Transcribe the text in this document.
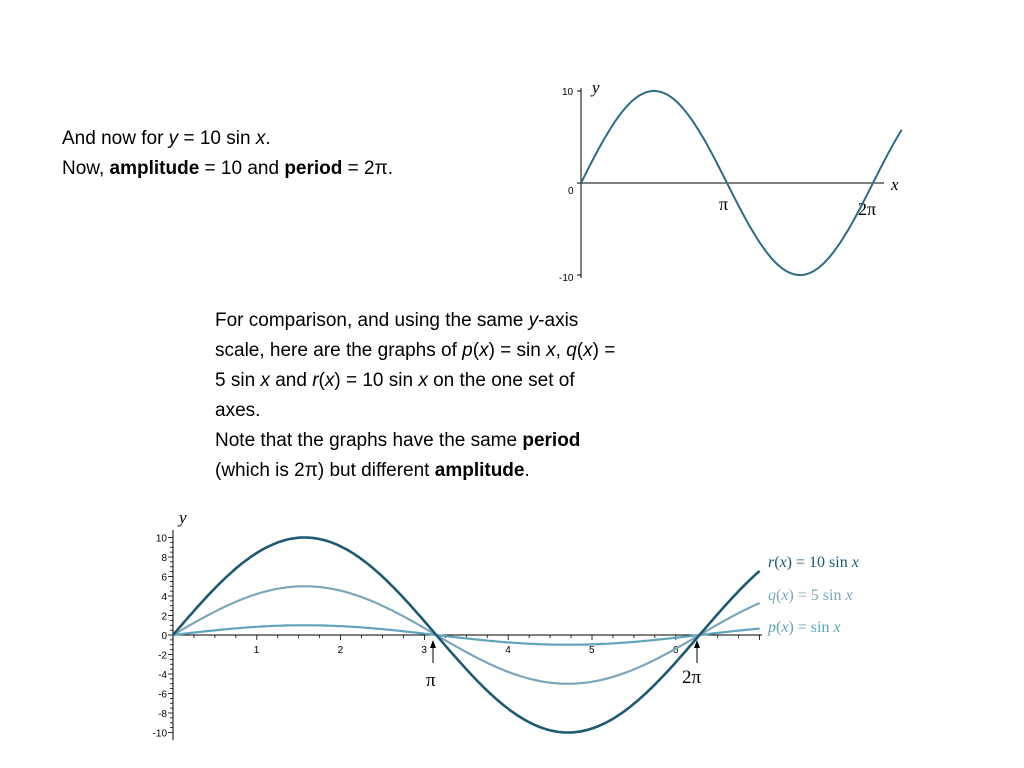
And now for y = 10 sin x.
Now, amplitude = 10 and period = 2π.
For comparison, and using the same y-axis
scale, here are the graphs of p(x) = sin x, q(x) =
5 sin x and r(x) = 10 sin x on the one set of
axes.
Note that the graphs have the same period
(which is 2π) but different amplitude.
10
0
-10
y
x
π	2π
10
8
6
4
2
0
-2
-4
-6
-8
-10
1	2	3	4	5	6
y
π	2π
r(x) = 10 sin x
q(x) = 5 sin x
p(x) = sin x
